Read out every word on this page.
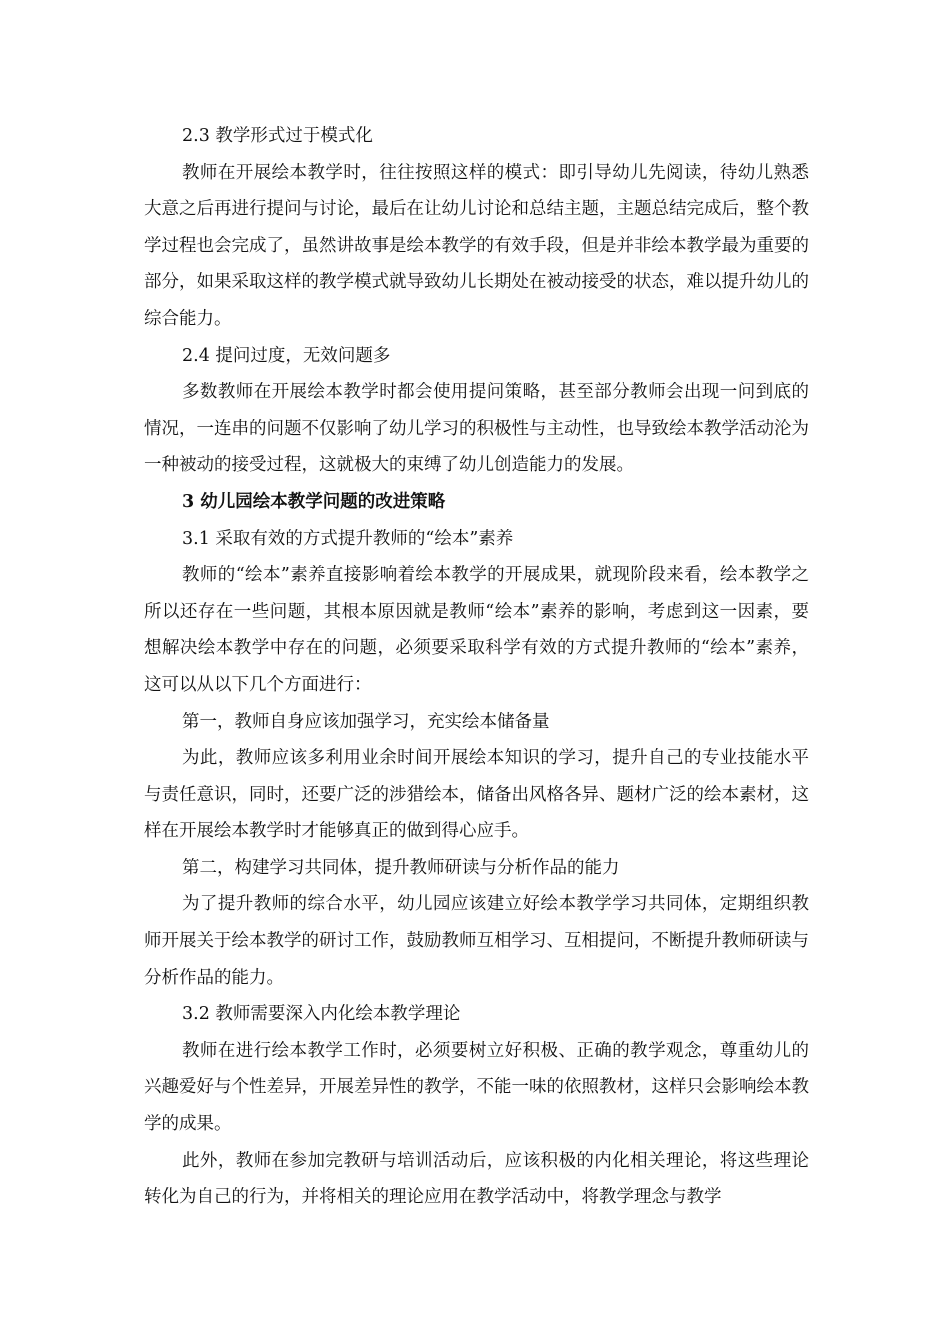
2.3 教学形式过于模式化

教师在开展绘本教学时，往往按照这样的模式：即引导幼儿先阅读，待幼儿熟悉大意之后再进行提问与讨论，最后在让幼儿讨论和总结主题，主题总结完成后，整个教学过程也会完成了，虽然讲故事是绘本教学的有效手段，但是并非绘本教学最为重要的部分，如果采取这样的教学模式就导致幼儿长期处在被动接受的状态，难以提升幼儿的综合能力。

2.4 提问过度，无效问题多

多数教师在开展绘本教学时都会使用提问策略，甚至部分教师会出现一问到底的情况，一连串的问题不仅影响了幼儿学习的积极性与主动性，也导致绘本教学活动沦为一种被动的接受过程，这就极大的束缚了幼儿创造能力的发展。

3 幼儿园绘本教学问题的改进策略

3.1 采取有效的方式提升教师的“绘本”素养

教师的“绘本”素养直接影响着绘本教学的开展成果，就现阶段来看，绘本教学之所以还存在一些问题，其根本原因就是教师“绘本”素养的影响，考虑到这一因素，要想解决绘本教学中存在的问题，必须要采取科学有效的方式提升教师的“绘本”素养，这可以从以下几个方面进行：

第一，教师自身应该加强学习，充实绘本储备量

为此，教师应该多利用业余时间开展绘本知识的学习，提升自己的专业技能水平与责任意识，同时，还要广泛的涉猎绘本，储备出风格各异、题材广泛的绘本素材，这样在开展绘本教学时才能够真正的做到得心应手。

第二，构建学习共同体，提升教师研读与分析作品的能力

为了提升教师的综合水平，幼儿园应该建立好绘本教学学习共同体，定期组织教师开展关于绘本教学的研讨工作，鼓励教师互相学习、互相提问，不断提升教师研读与分析作品的能力。

3.2 教师需要深入内化绘本教学理论

教师在进行绘本教学工作时，必须要树立好积极、正确的教学观念，尊重幼儿的兴趣爱好与个性差异，开展差异性的教学，不能一味的依照教材，这样只会影响绘本教学的成果。

此外，教师在参加完教研与培训活动后，应该积极的内化相关理论，将这些理论转化为自己的行为，并将相关的理论应用在教学活动中，将教学理念与教学
